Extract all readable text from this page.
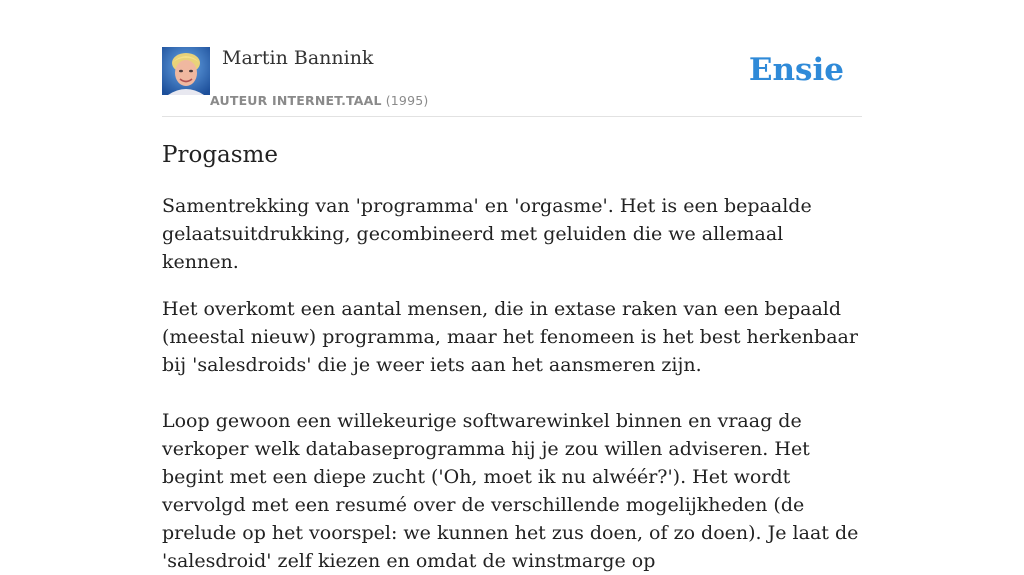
Martin Bannink
AUTEUR INTERNET.TAAL (1995)
Ensie
Progasme

Samentrekking van 'programma' en 'orgasme'. Het is een bepaalde gelaatsuitdrukking, gecombineerd met geluiden die we allemaal kennen.

Het overkomt een aantal mensen, die in extase raken van een bepaald (meestal nieuw) programma, maar het fenomeen is het best herkenbaar bij 'salesdroids' die je weer iets aan het aansmeren zijn.

Loop gewoon een willekeurige softwarewinkel binnen en vraag de verkoper welk databaseprogramma hij je zou willen adviseren. Het begint met een diepe zucht ('Oh, moet ik nu alwéér?'). Het wordt vervolgd met een resumé over de verschillende mogelijkheden (de prelude op het voorspel: we kunnen het zus doen, of zo doen). Je laat de 'salesdroid' zelf kiezen en omdat de winstmarge op
